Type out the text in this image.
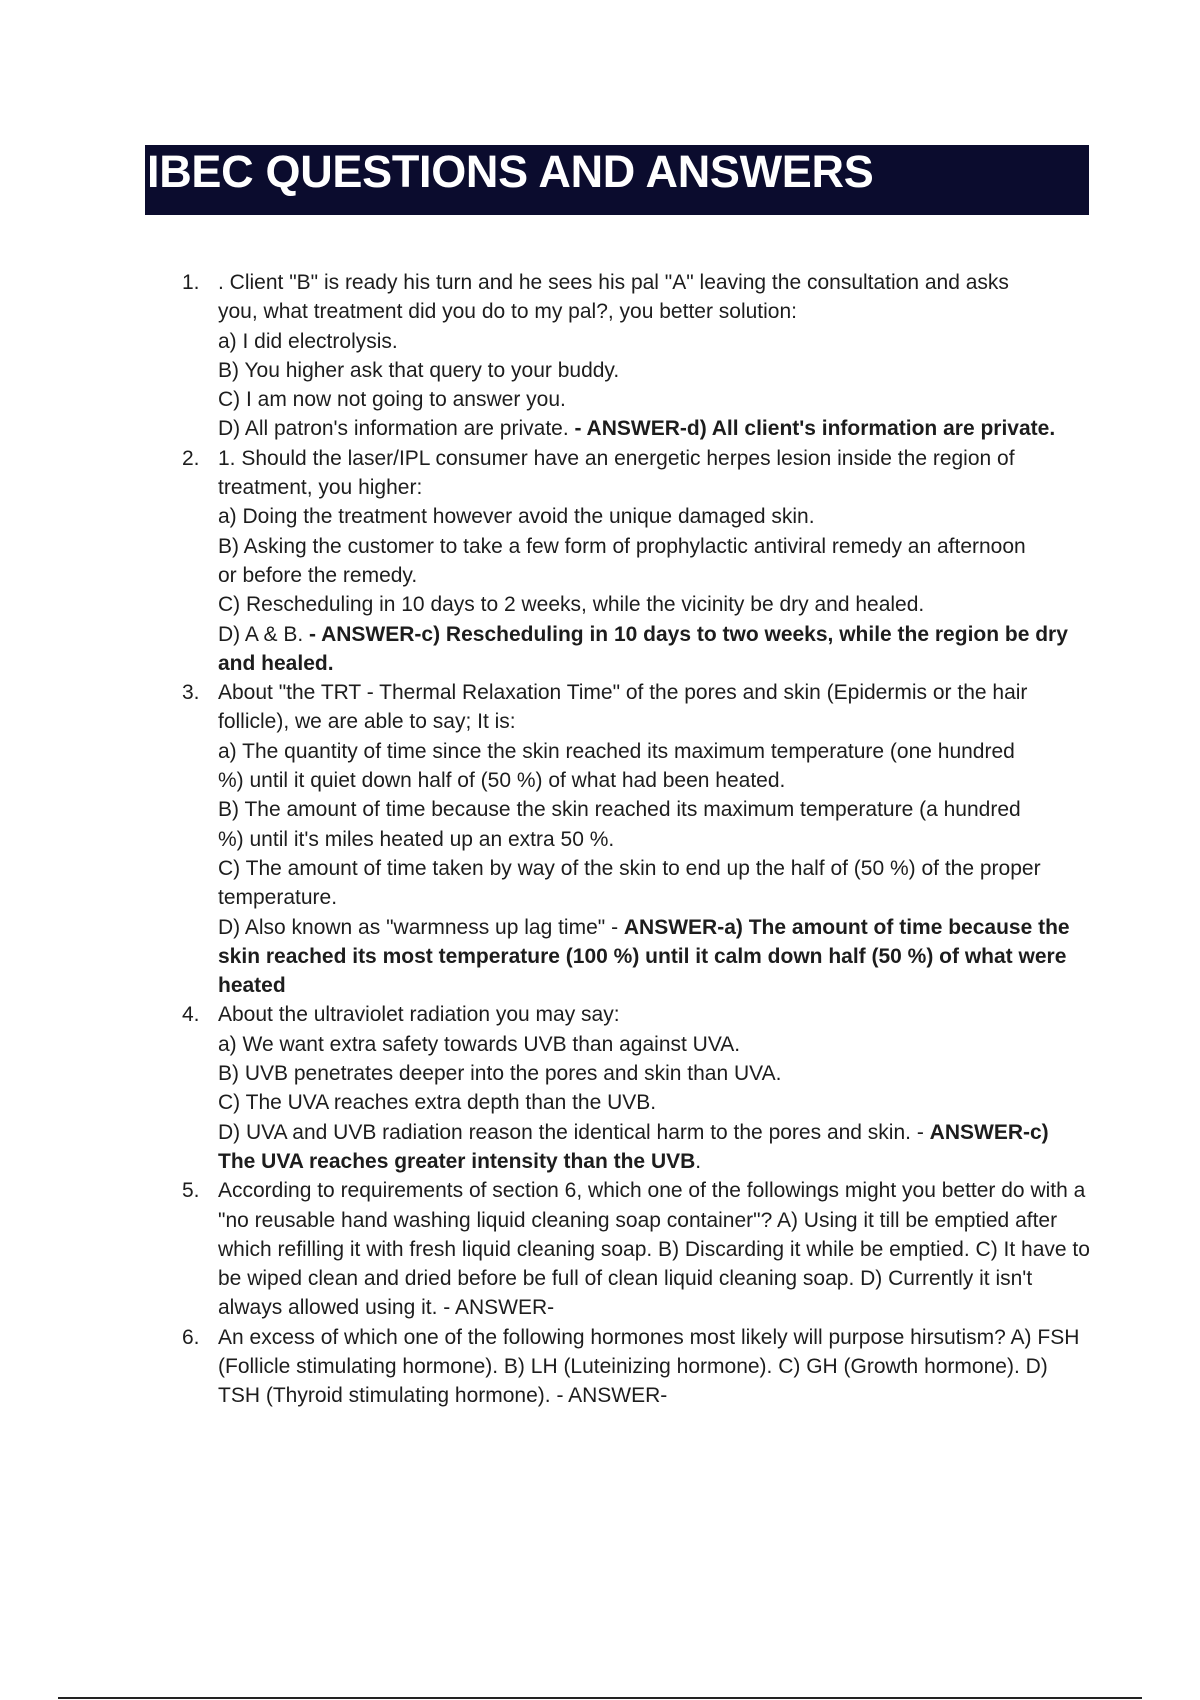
IBEC QUESTIONS AND ANSWERS
1. . Client "B" is ready his turn and he sees his pal "A" leaving the consultation and asks
you, what treatment did you do to my pal?, you better solution:
a) I did electrolysis.
B) You higher ask that query to your buddy.
C) I am now not going to answer you.
D) All patron's information are private. - ANSWER-d) All client's information are private.
2. 1. Should the laser/IPL consumer have an energetic herpes lesion inside the region of
treatment, you higher:
a) Doing the treatment however avoid the unique damaged skin.
B) Asking the customer to take a few form of prophylactic antiviral remedy an afternoon
or before the remedy.
C) Rescheduling in 10 days to 2 weeks, while the vicinity be dry and healed.
D) A & B. - ANSWER-c) Rescheduling in 10 days to two weeks, while the region be dry and healed.
3. About "the TRT - Thermal Relaxation Time" of the pores and skin (Epidermis or the hair
follicle), we are able to say; It is:
a) The quantity of time since the skin reached its maximum temperature (one hundred
%) until it quiet down half of (50 %) of what had been heated.
B) The amount of time because the skin reached its maximum temperature (a hundred
%) until it's miles heated up an extra 50 %.
C) The amount of time taken by way of the skin to end up the half of (50 %) of the proper
temperature.
D) Also known as "warmness up lag time" - ANSWER-a) The amount of time because the skin reached its most temperature (100 %) until it calm down half (50 %) of what were heated
4. About the ultraviolet radiation you may say:
a) We want extra safety towards UVB than against UVA.
B) UVB penetrates deeper into the pores and skin than UVA.
C) The UVA reaches extra depth than the UVB.
D) UVA and UVB radiation reason the identical harm to the pores and skin. - ANSWER-c) The UVA reaches greater intensity than the UVB.
5. According to requirements of section 6, which one of the followings might you better do with a "no reusable hand washing liquid cleaning soap container"? A) Using it till be emptied after which refilling it with fresh liquid cleaning soap. B) Discarding it while be emptied. C) It have to be wiped clean and dried before be full of clean liquid cleaning soap. D) Currently it isn't always allowed using it. - ANSWER-
6. An excess of which one of the following hormones most likely will purpose hirsutism? A) FSH (Follicle stimulating hormone). B) LH (Luteinizing hormone). C) GH (Growth hormone). D) TSH (Thyroid stimulating hormone). - ANSWER-
